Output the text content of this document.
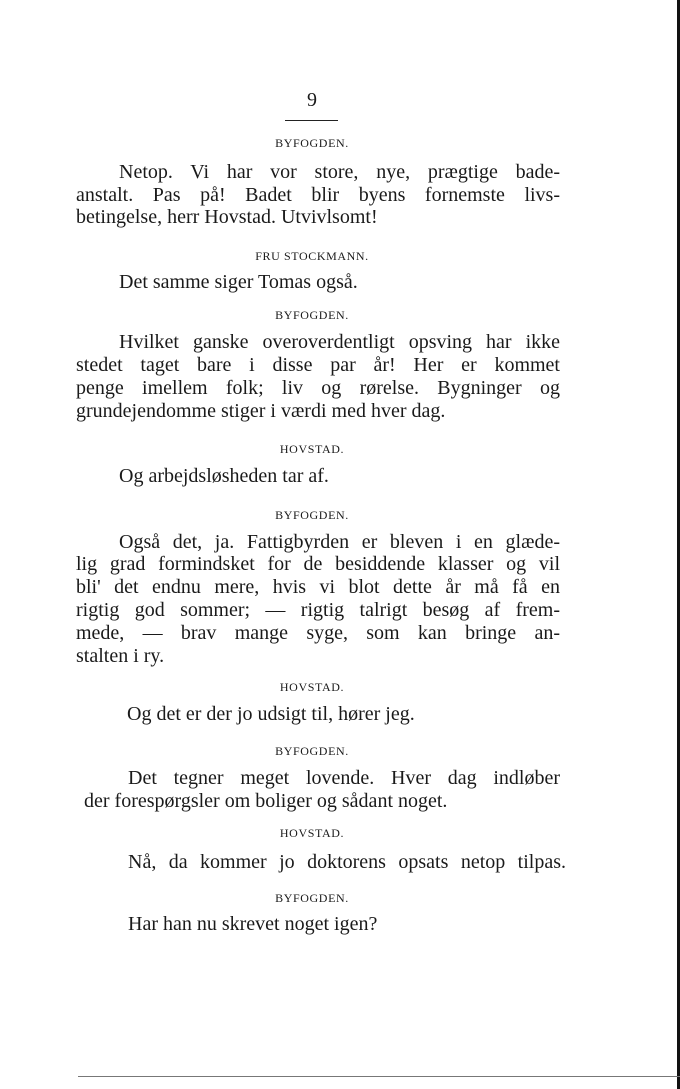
9
BYFOGDEN.
Netop. Vi har vor store, nye, prægtige bade-
anstalt. Pas på! Badet blir byens fornemste livs-
betingelse, herr Hovstad. Utvivlsomt!
FRU STOCKMANN.
Det samme siger Tomas også.
BYFOGDEN.
Hvilket ganske overoverdentligt opsving har ikke
stedet taget bare i disse par år! Her er kommet
penge imellem folk; liv og rørelse. Bygninger og
grundejendomme stiger i værdi med hver dag.
HOVSTAD.
Og arbejdsløsheden tar af.
BYFOGDEN.
Også det, ja. Fattigbyrden er bleven i en glæde-
lig grad formindsket for de besiddende klasser og vil
bli' det endnu mere, hvis vi blot dette år må få en
rigtig god sommer; — rigtig talrigt besøg af frem-
mede, — brav mange syge, som kan bringe an-
stalten i ry.
HOVSTAD.
Og det er der jo udsigt til, hører jeg.
BYFOGDEN.
Det tegner meget lovende. Hver dag indløber
der forespørgsler om boliger og sådant noget.
HOVSTAD.
Nå, da kommer jo doktorens opsats netop tilpas.
BYFOGDEN.
Har han nu skrevet noget igen?
